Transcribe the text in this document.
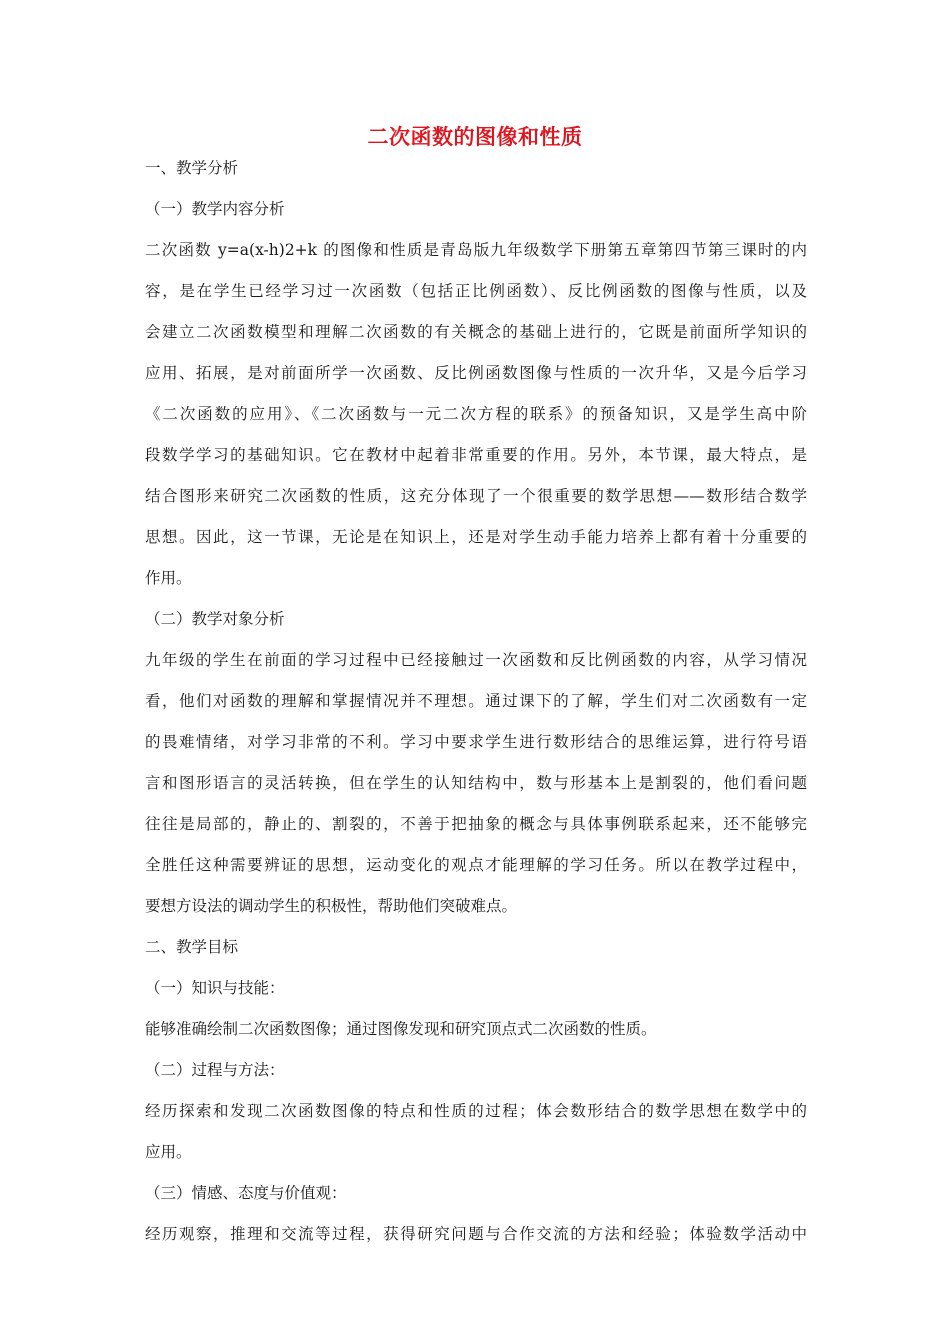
二次函数的图像和性质
一、教学分析
（一）教学内容分析
二次函数 y=a(x-h)2+k 的图像和性质是青岛版九年级数学下册第五章第四节第三课时的内
容，是在学生已经学习过一次函数（包括正比例函数）、反比例函数的图像与性质，以及
会建立二次函数模型和理解二次函数的有关概念的基础上进行的，它既是前面所学知识的
应用、拓展，是对前面所学一次函数、反比例函数图像与性质的一次升华，又是今后学习
《二次函数的应用》、《二次函数与一元二次方程的联系》的预备知识，又是学生高中阶
段数学学习的基础知识。它在教材中起着非常重要的作用。另外，本节课，最大特点，是
结合图形来研究二次函数的性质，这充分体现了一个很重要的数学思想——数形结合数学
思想。因此，这一节课，无论是在知识上，还是对学生动手能力培养上都有着十分重要的
作用。
（二）教学对象分析
九年级的学生在前面的学习过程中已经接触过一次函数和反比例函数的内容，从学习情况
看，他们对函数的理解和掌握情况并不理想。通过课下的了解，学生们对二次函数有一定
的畏难情绪，对学习非常的不利。学习中要求学生进行数形结合的思维运算，进行符号语
言和图形语言的灵活转换，但在学生的认知结构中，数与形基本上是割裂的，他们看问题
往往是局部的，静止的、割裂的，不善于把抽象的概念与具体事例联系起来，还不能够完
全胜任这种需要辨证的思想，运动变化的观点才能理解的学习任务。所以在教学过程中，
要想方设法的调动学生的积极性，帮助他们突破难点。
二、教学目标
（一）知识与技能：
能够准确绘制二次函数图像；通过图像发现和研究顶点式二次函数的性质。
（二）过程与方法：
经历探索和发现二次函数图像的特点和性质的过程；体会数形结合的数学思想在数学中的
应用。
（三）情感、态度与价值观：
经历观察，推理和交流等过程，获得研究问题与合作交流的方法和经验；体验数学活动中
